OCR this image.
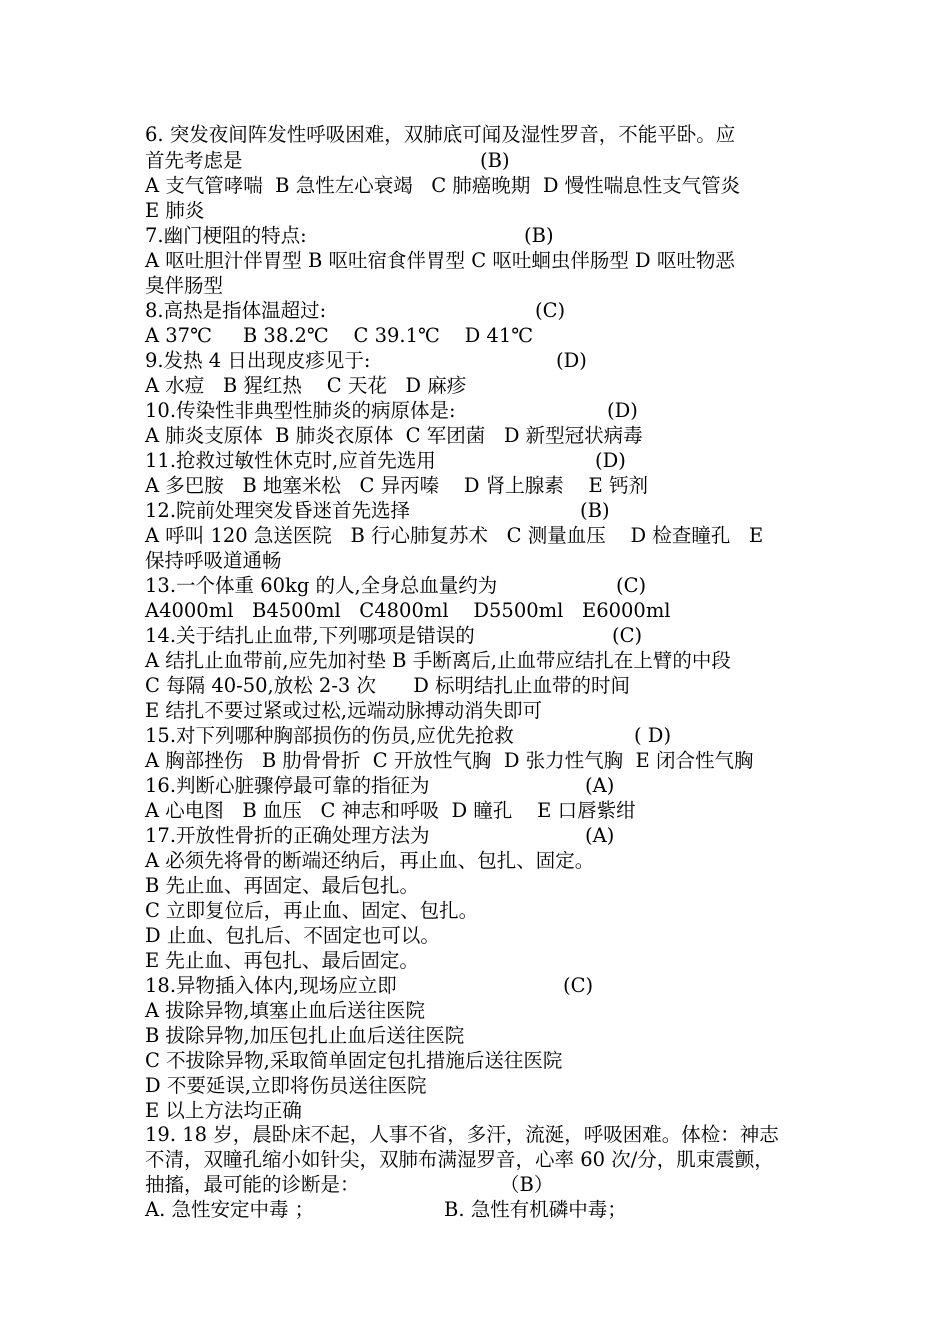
6. 突发夜间阵发性呼吸困难，双肺底可闻及湿性罗音，不能平卧。应
首先考虑是	(B)
A 支气管哮喘  B 急性左心衰竭   C 肺癌晚期  D 慢性喘息性支气管炎
E 肺炎
7.幽门梗阻的特点:	(B)
A 呕吐胆汁伴胃型 B 呕吐宿食伴胃型 C 呕吐蛔虫伴肠型 D 呕吐物恶
臭伴肠型
8.高热是指体温超过:	(C)
A 37℃     B 38.2℃    C 39.1℃    D 41℃
9.发热 4 日出现皮疹见于:	(D)
A 水痘   B 猩红热    C 天花   D 麻疹
10.传染性非典型性肺炎的病原体是:	(D)
A 肺炎支原体  B 肺炎衣原体  C 军团菌   D 新型冠状病毒
11.抢救过敏性休克时,应首先选用	(D)
A 多巴胺   B 地塞米松   C 异丙嗪    D 肾上腺素    E 钙剂
12.院前处理突发昏迷首先选择	(B)
A 呼叫 120 急送医院   B 行心肺复苏术   C 测量血压    D 检查瞳孔   E
保持呼吸道通畅
13.一个体重 60kg 的人,全身总血量约为	(C)
A4000ml   B4500ml   C4800ml    D5500ml   E6000ml
14.关于结扎止血带,下列哪项是错误的	(C)
A 结扎止血带前,应先加衬垫 B 手断离后,止血带应结扎在上臂的中段
C 每隔 40-50,放松 2-3 次      D 标明结扎止血带的时间
E 结扎不要过紧或过松,远端动脉搏动消失即可
15.对下列哪种胸部损伤的伤员,应优先抢救	( D)
A 胸部挫伤   B 肋骨骨折  C 开放性气胸  D 张力性气胸  E 闭合性气胸
16.判断心脏骤停最可靠的指征为	(A)
A 心电图   B 血压   C 神志和呼吸  D 瞳孔    E 口唇紫绀
17.开放性骨折的正确处理方法为	(A)
A 必须先将骨的断端还纳后，再止血、包扎、固定。
B 先止血、再固定、最后包扎。
C 立即复位后，再止血、固定、包扎。
D 止血、包扎后、不固定也可以。
E 先止血、再包扎、最后固定。
18.异物插入体内,现场应立即	(C)
A 拔除异物,填塞止血后送往医院
B 拔除异物,加压包扎止血后送往医院
C 不拔除异物,采取简单固定包扎措施后送往医院
D 不要延误,立即将伤员送往医院
E 以上方法均正确
19. 18 岁，晨卧床不起，人事不省，多汗，流涎，呼吸困难。体检：神志
不清，双瞳孔缩小如针尖，双肺布满湿罗音，心率 60 次/分，肌束震颤，
抽搐，最可能的诊断是：	（B）
A. 急性安定中毒 ；	B. 急性有机磷中毒；
